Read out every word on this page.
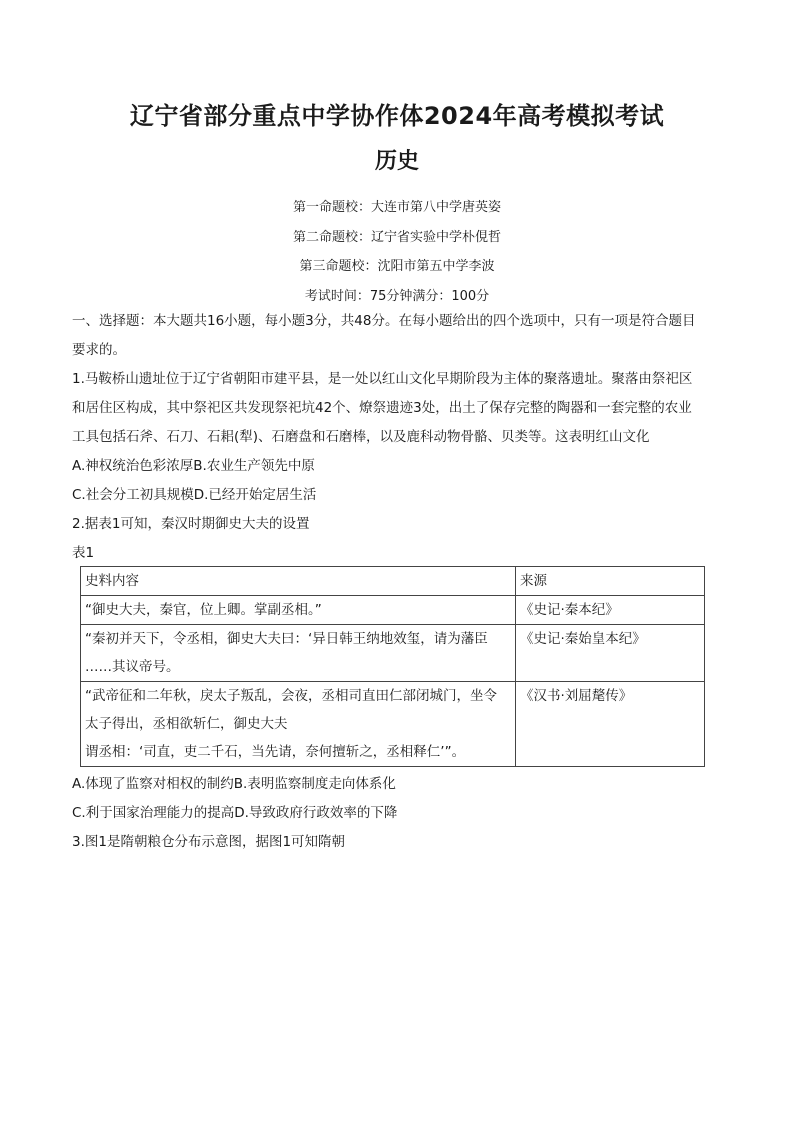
辽宁省部分重点中学协作体2024年高考模拟考试
历史
第一命题校：大连市第八中学唐英姿
第二命题校：辽宁省实验中学朴俔哲
第三命题校：沈阳市第五中学李波
考试时间：75分钟满分：100分
一、选择题：本大题共16小题，每小题3分，共48分。在每小题给出的四个选项中，只有一项是符合题目
要求的。
1.马鞍桥山遗址位于辽宁省朝阳市建平县，是一处以红山文化早期阶段为主体的聚落遗址。聚落由祭祀区
和居住区构成，其中祭祀区共发现祭祀坑42个、燎祭遗迹3处，出土了保存完整的陶器和一套完整的农业
工具包括石斧、石刀、石耜(犁)、石磨盘和石磨棒，以及鹿科动物骨骼、贝类等。这表明红山文化
A.神权统治色彩浓厚B.农业生产领先中原
C.社会分工初具规模D.已经开始定居生活
2.据表1可知，秦汉时期御史大夫的设置
表1
史料内容	来源

“御史大夫，秦官，位上卿。掌副丞相。”	《史记·秦本纪》

“秦初并天下，令丞相，御史大夫曰：‘异日韩王纳地效玺，请为藩臣
……其议帝号。	《史记·秦始皇本纪》

“武帝征和二年秋，戾太子叛乱，会夜，丞相司直田仁部闭城门，坐令
太子得出，丞相欲斩仁，御史大夫
谓丞相：‘司直，吏二千石，当先请，奈何擅斩之，丞相释仁’”。	《汉书·刘屈氂传》
A.体现了监察对相权的制约B.表明监察制度走向体系化
C.利于国家治理能力的提高D.导致政府行政效率的下降
3.图1是隋朝粮仓分布示意图，据图1可知隋朝
